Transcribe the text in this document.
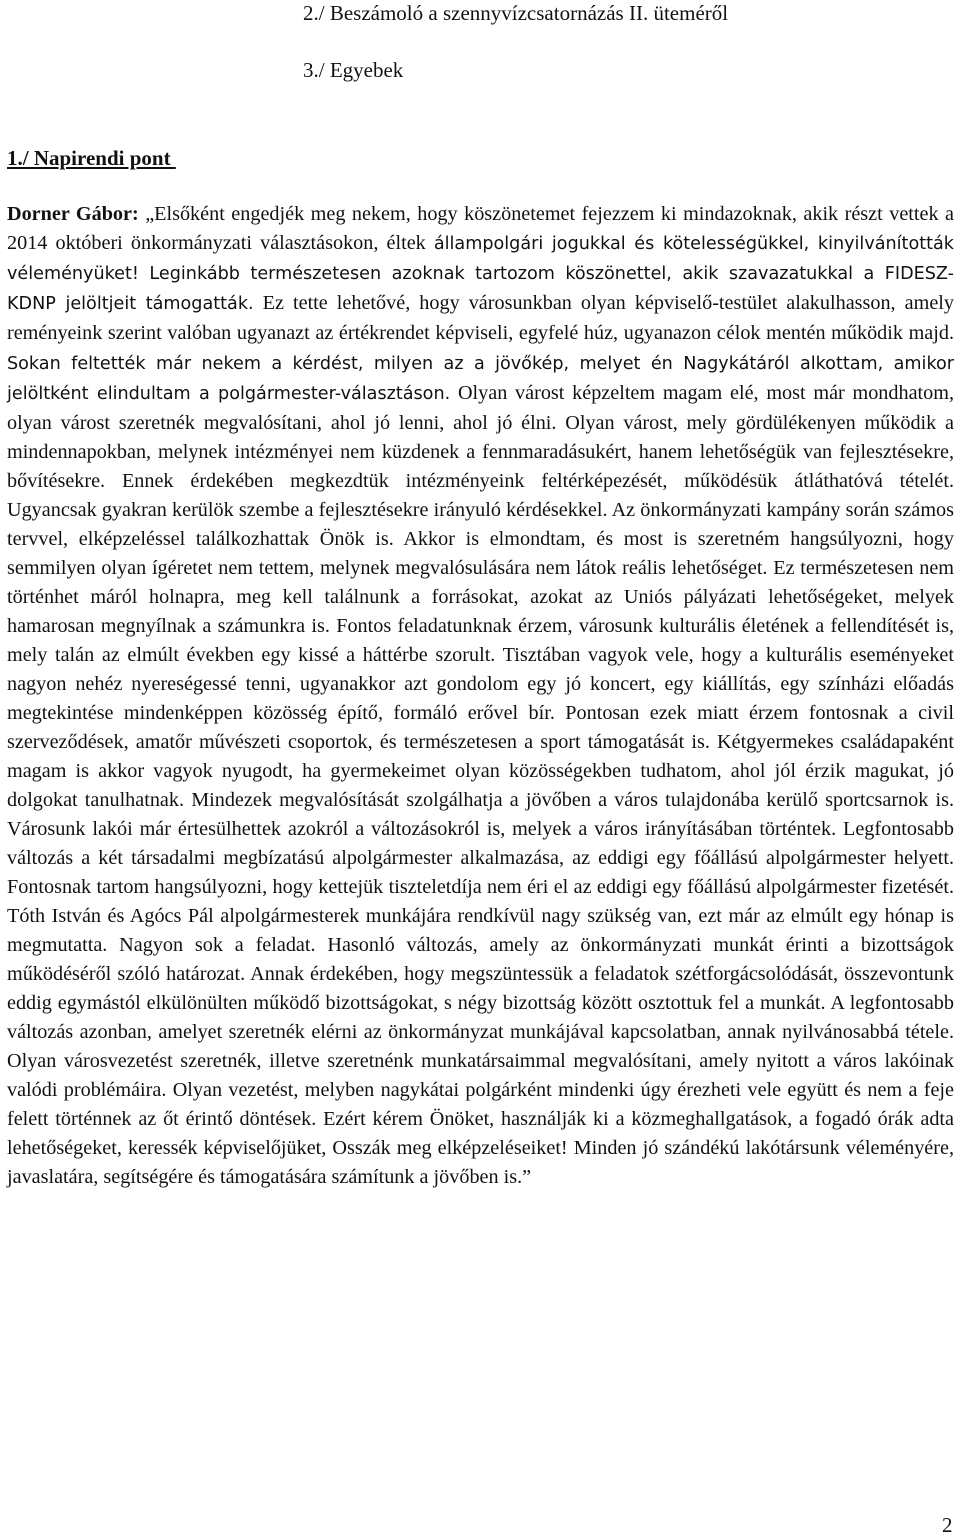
2./ Beszámoló a szennyvízcsatornázás II. üteméről
3./ Egyebek
1./ Napirendi pont

Dorner Gábor: „Elsőként engedjék meg nekem, hogy köszönetemet fejezzem ki mindazoknak, akik részt vettek a 2014 októberi önkormányzati választásokon, éltek állampolgári jogukkal és kötelességükkel, kinyilvánították véleményüket! Leginkább természetesen azoknak tartozom köszönettel, akik szavazatukkal a FIDESZ-KDNP jelöltjeit támogatták. Ez tette lehetővé, hogy városunkban olyan képviselő-testület alakulhasson, amely reményeink szerint valóban ugyanazt az értékrendet képviseli, egyfelé húz, ugyanazon célok mentén működik majd. Sokan feltették már nekem a kérdést, milyen az a jövőkép, melyet én Nagykátáról alkottam, amikor jelöltként elindultam a polgármester-választáson. Olyan várost képzeltem magam elé, most már mondhatom, olyan várost szeretnék megvalósítani, ahol jó lenni, ahol jó élni. Olyan várost, mely gördülékenyen működik a mindennapokban, melynek intézményei nem küzdenek a fennmaradásukért, hanem lehetőségük van fejlesztésekre, bővítésekre. Ennek érdekében megkezdtük intézményeink feltérképezését, működésük átláthatóvá tételét. Ugyancsak gyakran kerülök szembe a fejlesztésekre irányuló kérdésekkel. Az önkormányzati kampány során számos tervvel, elképzeléssel találkozhattak Önök is. Akkor is elmondtam, és most is szeretném hangsúlyozni, hogy semmilyen olyan ígéretet nem tettem, melynek megvalósulására nem látok reális lehetőséget. Ez természetesen nem történhet máról holnapra, meg kell találnunk a forrásokat, azokat az Uniós pályázati lehetőségeket, melyek hamarosan megnyílnak a számunkra is. Fontos feladatunknak érzem, városunk kulturális életének a fellendítését is, mely talán az elmúlt években egy kissé a háttérbe szorult. Tisztában vagyok vele, hogy a kulturális eseményeket nagyon nehéz nyereségessé tenni, ugyanakkor azt gondolom egy jó koncert, egy kiállítás, egy színházi előadás megtekintése mindenképpen közösség építő, formáló erővel bír. Pontosan ezek miatt érzem fontosnak a civil szerveződések, amatőr művészeti csoportok, és természetesen a sport támogatását is. Kétgyermekes családapaként magam is akkor vagyok nyugodt, ha gyermekeimet olyan közösségekben tudhatom, ahol jól érzik magukat, jó dolgokat tanulhatnak. Mindezek megvalósítását szolgálhatja a jövőben a város tulajdonába kerülő sportcsarnok is. Városunk lakói már értesülhettek azokról a változásokról is, melyek a város irányításában történtek. Legfontosabb változás a két társadalmi megbízatású alpolgármester alkalmazása, az eddigi egy főállású alpolgármester helyett. Fontosnak tartom hangsúlyozni, hogy kettejük tiszteletdíja nem éri el az eddigi egy főállású alpolgármester fizetését. Tóth István és Agócs Pál alpolgármesterek munkájára rendkívül nagy szükség van, ezt már az elmúlt egy hónap is megmutatta. Nagyon sok a feladat. Hasonló változás, amely az önkormányzati munkát érinti a bizottságok működéséről szóló határozat. Annak érdekében, hogy megszüntessük a feladatok szétforgácsolódását, összevontunk eddig egymástól elkülönülten működő bizottságokat, s négy bizottság között osztottuk fel a munkát. A legfontosabb változás azonban, amelyet szeretnék elérni az önkormányzat munkájával kapcsolatban, annak nyilvánosabbá tétele. Olyan városvezetést szeretnék, illetve szeretnénk munkatársaimmal megvalósítani, amely nyitott a város lakóinak valódi problémáira. Olyan vezetést, melyben nagykátai polgárként mindenki úgy érezheti vele együtt és nem a feje felett történnek az őt érintő döntések. Ezért kérem Önöket, használják ki a közmeghallgatások, a fogadó órák adta lehetőségeket, keressék képviselőjüket, Osszák meg elképzeléseiket! Minden jó szándékú lakótársunk véleményére, javaslatára, segítségére és támogatására számítunk a jövőben is.”

2
